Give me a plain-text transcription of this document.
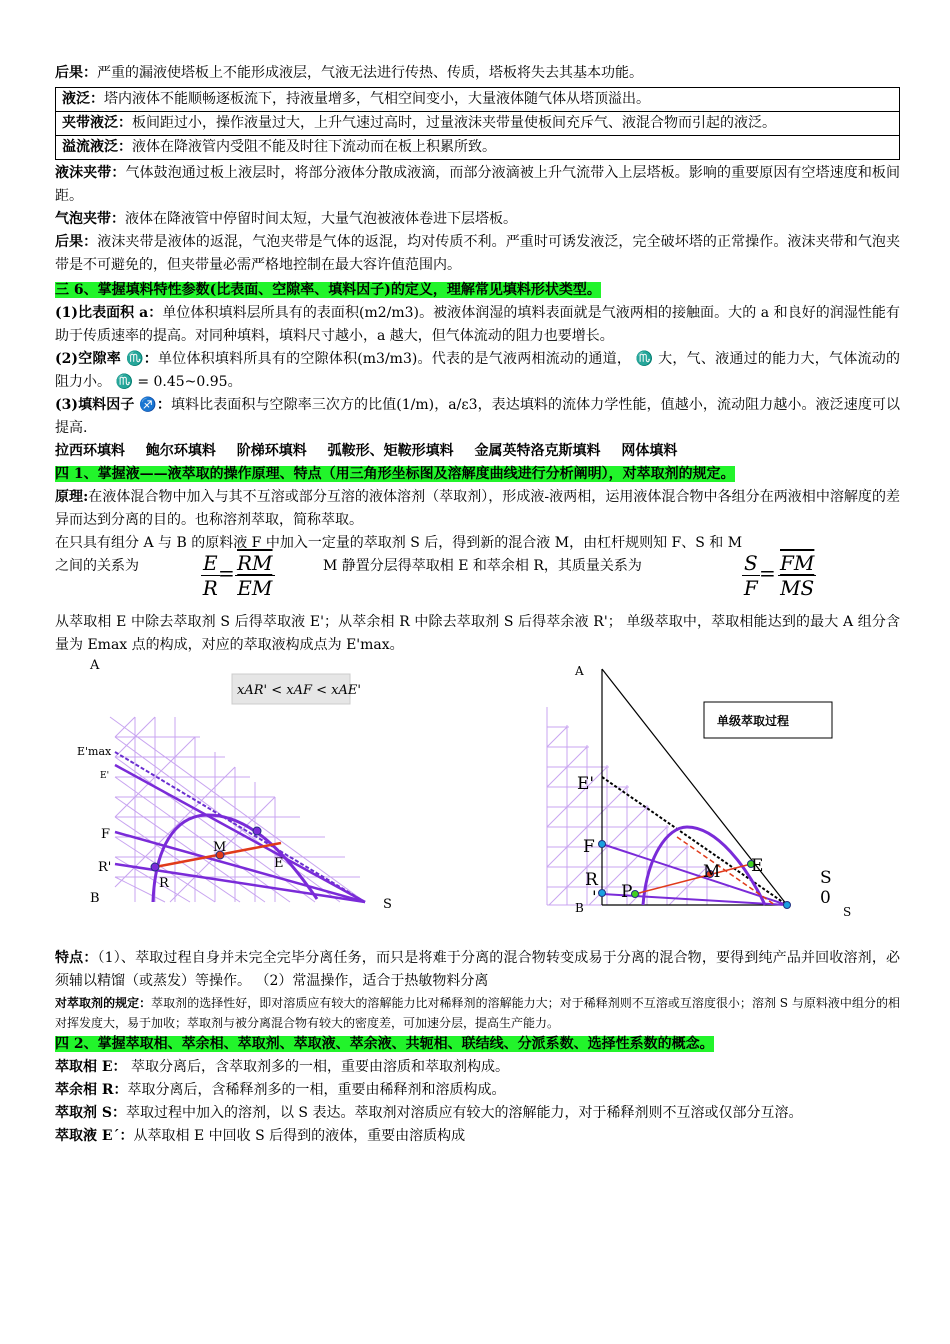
后果：严重的漏液使塔板上不能形成液层，气液无法进行传热、传质，塔板将失去其基本功能。

液泛：塔内液体不能顺畅逐板流下，持液量增多，气相空间变小，大量液体随气体从塔顶溢出。
夹带液泛：板间距过小，操作液量过大，上升气速过高时，过量液沫夹带量使板间充斥气、液混合物而引起的液泛。
溢流液泛：液体在降液管内受阻不能及时往下流动而在板上积累所致。

液沫夹带：气体鼓泡通过板上液层时，将部分液体分散成液滴，而部分液滴被上升气流带入上层塔板。影响的重要原因有空塔速度和板间距。

气泡夹带：液体在降液管中停留时间太短，大量气泡被液体卷进下层塔板。

后果：液沫夹带是液体的返混，气泡夹带是气体的返混，均对传质不利。严重时可诱发液泛，完全破坏塔的正常操作。液沫夹带和气泡夹带是不可避免的，但夹带量必需严格地控制在最大容许值范围内。

三 6、掌握填料特性参数(比表面、空隙率、填料因子)的定义，理解常见填料形状类型。

(1)比表面积 a：单位体积填料层所具有的表面积(m2/m3)。被液体润湿的填料表面就是气液两相的接触面。大的 a 和良好的润湿性能有助于传质速率的提高。对同种填料，填料尺寸越小，a 越大，但气体流动的阻力也要增长。

(2)空隙率 ♏：单位体积填料所具有的空隙体积(m3/m3)。代表的是气液两相流动的通道， ♏ 大，气、液通过的能力大，气体流动的阻力小。 ♏ = 0.45~0.95。

(3)填料因子 ♐：填料比表面积与空隙率三次方的比值(1/m)，a/ε3，表达填料的流体力学性能，值越小，流动阻力越小。液泛速度可以提高.

拉西环填料 鲍尔环填料 阶梯环填料 弧鞍形、矩鞍形填料 金属英特洛克斯填料 网体填料

四 1、掌握液——液萃取的操作原理、特点（用三角形坐标图及溶解度曲线进行分析阐明），对萃取剂的规定。

原理:在液体混合物中加入与其不互溶或部分互溶的液体溶剂（萃取剂），形成液-液两相，运用液体混合物中各组分在两液相中溶解度的差异而达到分离的目的。也称溶剂萃取，简称萃取。

在只具有组分 A 与 B 的原料液 F 中加入一定量的萃取剂 S 后，得到新的混合液 M，由杠杆规则知 F、S 和 M

之间的关系为	$\frac{E}{R}$
= $\frac{\overline{RM}}{EM}$	M 静置分层得萃取相 E 和萃余相 R，其质量关系为	$\frac{S}{F} = \frac{\overline{FM}}{MS}$

从萃取相 E 中除去萃取剂 S 后得萃取液 E'；从萃余相 R 中除去萃取剂 S 后得萃余液 R'； 单级萃取中，萃取相能达到的最大 A 组分含量为 Emax 点的构成，对应的萃取液构成点为 E'max。

xAR' < xAF < xAE'
A
E'max
E'
F
R'
B
R
M
E
S
单级萃取过程
A
E'
F
R
'
B
P
M E
S
0
S

特点：（1）、萃取过程自身并未完全完毕分离任务，而只是将难于分离的混合物转变成易于分离的混合物，要得到纯产品并回收溶剂，必须辅以精馏（或蒸发）等操作。 （2）常温操作，适合于热敏物料分离

对萃取剂的规定：萃取剂的选择性好，即对溶质应有较大的溶解能力比对稀释剂的溶解能力大；对于稀释剂则不互溶或互溶度很小；溶剂 S 与原料液中组分的相对挥发度大，易于加收；萃取剂与被分离混合物有较大的密度差，可加速分层，提高生产能力。

四 2、掌握萃取相、萃余相、萃取剂、萃取液、萃余液、共轭相、联结线、分派系数、选择性系数的概念。

萃取相 E： 萃取分离后，含萃取剂多的一相，重要由溶质和萃取剂构成。

萃余相 R：萃取分离后，含稀释剂多的一相，重要由稀释剂和溶质构成。

萃取剂 S：萃取过程中加入的溶剂，以 S 表达。萃取剂对溶质应有较大的溶解能力，对于稀释剂则不互溶或仅部分互溶。

萃取液 E´：从萃取相 E 中回收 S 后得到的液体，重要由溶质构成
